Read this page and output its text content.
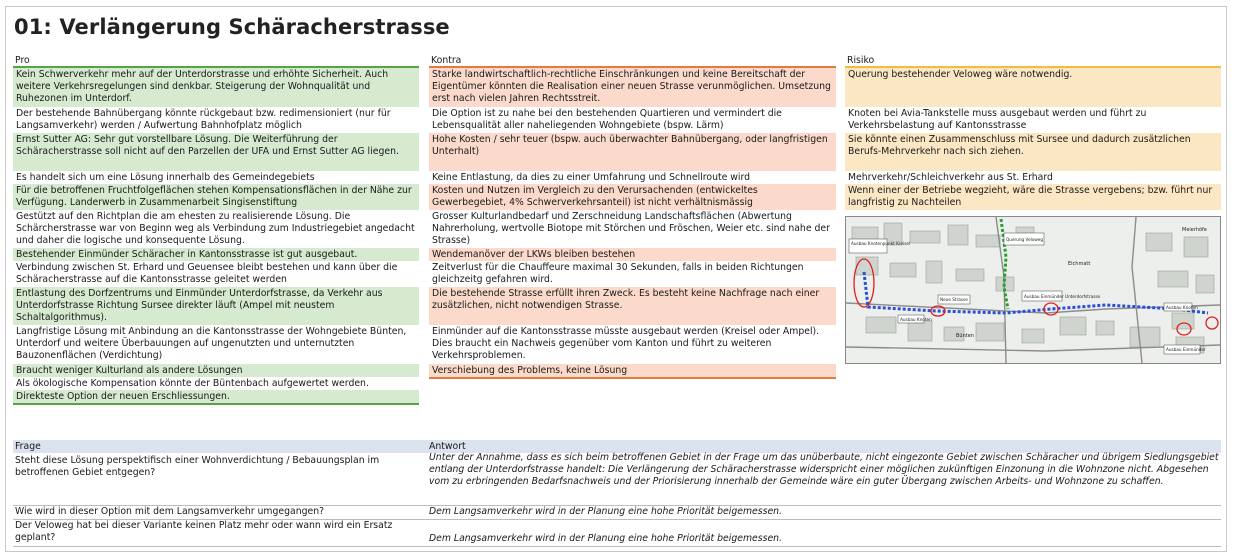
01: Verlängerung Schäracherstrasse
Pro
Kein Schwerverkehr mehr auf der Unterdorstrasse und erhöhte Sicherheit. Auch weitere Verkehrsregelungen sind denkbar. Steigerung der Wohnqualität und Ruhezonen im Unterdorf.
Der bestehende Bahnübergang könnte rückgebaut bzw. redimensioniert (nur für Langsamverkehr) werden / Aufwertung Bahnhofplatz möglich
Ernst Sutter AG: Sehr gut vorstellbare Lösung. Die Weiterführung der Schäracherstrasse soll nicht auf den Parzellen der UFA und Ernst Sutter AG liegen.
Es handelt sich um eine Lösung innerhalb des Gemeindegebiets
Für die betroffenen Fruchtfolgeflächen stehen Kompensationsflächen in der Nähe zur Verfügung. Landerwerb in Zusammenarbeit Singisenstiftung
Gestützt auf den Richtplan die am ehesten zu realisierende Lösung. Die Schärcherstrasse war von Beginn weg als Verbindung zum Industriegebiet angedacht und daher die logische und konsequente Lösung.
Bestehender Einmünder Schäracher in Kantonsstrasse ist gut ausgebaut.
Verbindung zwischen St. Erhard und Geuensee bleibt bestehen und kann über die Schäracherstrasse auf die Kantonsstrasse geleitet werden
Entlastung des Dorfzentrums und Einmünder Unterdorfstrasse, da Verkehr aus Unterdorfstrasse Richtung Sursee direkter läuft (Ampel mit neustem Schaltalgorithmus).
Langfristige Lösung mit Anbindung an die Kantonsstrasse der Wohngebiete Bünten, Unterdorf und weitere Überbauungen auf ungenutzten und unternutzten Bauzonenflächen (Verdichtung)
Braucht weniger Kulturland als andere Lösungen
Als ökologische Kompensation könnte der Büntenbach aufgewertet werden.
Direkteste Option der neuen Erschliessungen.
Kontra
Starke landwirtschaftlich-rechtliche Einschränkungen und keine Bereitschaft der Eigentümer könnten die Realisation einer neuen Strasse verunmöglichen. Umsetzung erst nach vielen Jahren Rechtsstreit.
Die Option ist zu nahe bei den bestehenden Quartieren und vermindert die Lebensqualität aller naheliegenden Wohngebiete (bspw. Lärm)
Hohe Kosten / sehr teuer (bspw. auch überwachter Bahnübergang, oder langfristigen Unterhalt)
Keine Entlastung, da dies zu einer Umfahrung und Schnellroute wird
Kosten und Nutzen im Vergleich zu den Verursachenden (entwickeltes Gewerbegebiet, 4% Schwerverkehrsanteil) ist nicht verhältnismässig
Grosser Kulturlandbedarf und Zerschneidung Landschaftsflächen (Abwertung Nahrerholung, wertvolle Biotope mit Störchen und Fröschen, Weier etc. sind nahe der Strasse)
Wendemanöver der LKWs bleiben bestehen
Zeitverlust für die Chauffeure maximal 30 Sekunden, falls in beiden Richtungen gleichzeitg gefahren wird.
Die bestehende Strasse erfüllt ihren Zweck. Es besteht keine Nachfrage nach einer zusätzlichen, nicht notwendigen Strasse.
Einmünder auf die Kantonsstrasse müsste ausgebaut werden (Kreisel oder Ampel). Dies braucht ein Nachweis gegenüber vom Kanton und führt zu weiteren Verkehrsproblemen.
Verschiebung des Problems, keine Lösung
Risiko
Querung bestehender Veloweg wäre notwendig.
Knoten bei Avia-Tankstelle muss ausgebaut werden und führt zu Verkehrsbelastung auf Kantonsstrasse
Sie könnte einen Zusammenschluss mit Sursee und dadurch zusätzlichen Berufs-Mehrverkehr nach sich ziehen.
Mehrverkehr/Schleichverkehr aus St. Erhard
Wenn einer der Betriebe wegzieht, wäre die Strasse vergebens; bzw. führt nur langfristig zu Nachteilen
Ausbau Knotenpunkt Kreisel
Querung Veloweg
Neue Strasse
Ausbau Einmünder Unterdorfstrasse
Ausbau Knoten
Ausbau Knoten
Ausbau Einmünder
Bünten
Eichmatt
Meierhöfe
Frage	Antwort
Steht diese Lösung perspektifisch einer Wohnverdichtung / Bebauungsplan im betroffenen Gebiet entgegen?
Unter der Annahme, dass es sich beim betroffenen Gebiet in der Frage um das unüberbaute, nicht eingezonte Gebiet zwischen Schäracher und übrigem Siedlungsgebiet entlang der Unterdorfstrasse handelt: Die Verlängerung der Schäracherstrasse widerspricht einer möglichen zukünftigen Einzonung in die Wohnzone nicht. Abgesehen vom zu erbringenden Bedarfsnachweis und der Priorisierung innerhalb der Gemeinde wäre ein guter Übergang zwischen Arbeits- und Wohnzone zu schaffen.
Wie wird in dieser Option mit dem Langsamverkehr umgegangen?	Dem Langsamverkehr wird in der Planung eine hohe Priorität beigemessen.
Der Veloweg hat bei dieser Variante keinen Platz mehr oder wann wird ein Ersatz geplant?	Dem Langsamverkehr wird in der Planung eine hohe Priorität beigemessen.
